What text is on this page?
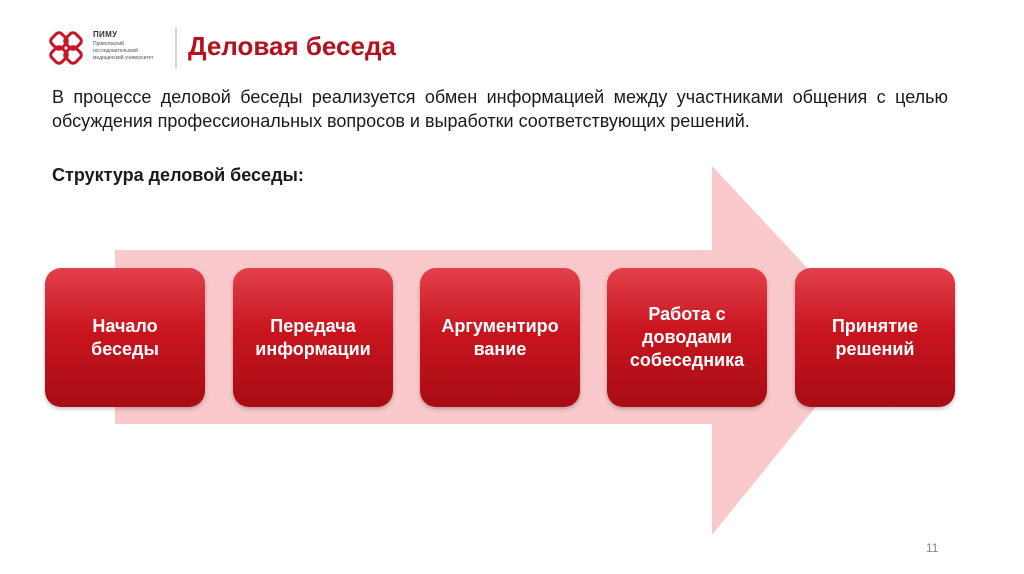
ПИМУ
Приволжский
исследовательский
медицинский университет	Деловая беседа

В процессе деловой беседы реализуется обмен информацией между участниками общения с целью обсуждения профессиональных вопросов и выработки соответствующих решений.

Структура деловой беседы:

Начало
беседы
Передача
информации
Аргументиро
вание
Работа с
доводами
собеседника
Принятие
решений
11
